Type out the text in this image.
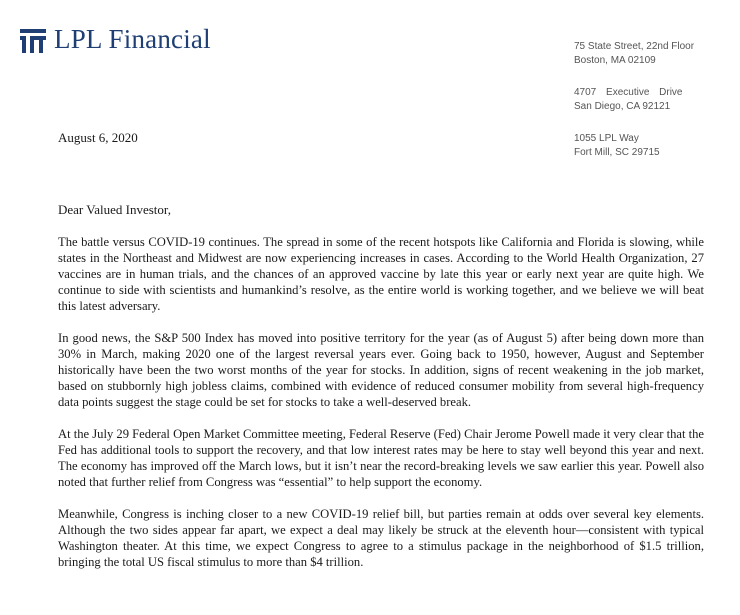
LPL Financial	75 State Street, 22nd Floor
Boston, MA 02109
4707 Executive Drive
San Diego, CA 92121
1055 LPL Way
Fort Mill, SC 29715
August 6, 2020
Dear Valued Investor,

The battle versus COVID-19 continues. The spread in some of the recent hotspots like California and Florida is slowing, while states in the Northeast and Midwest are now experiencing increases in cases. According to the World Health Organization, 27 vaccines are in human trials, and the chances of an approved vaccine by late this year or early next year are quite high. We continue to side with scientists and humankind’s resolve, as the entire world is working together, and we believe we will beat this latest adversary.

In good news, the S&P 500 Index has moved into positive territory for the year (as of August 5) after being down more than 30% in March, making 2020 one of the largest reversal years ever. Going back to 1950, however, August and September historically have been the two worst months of the year for stocks. In addition, signs of recent weakening in the job market, based on stubbornly high jobless claims, combined with evidence of reduced consumer mobility from several high-frequency data points suggest the stage could be set for stocks to take a well-deserved break.

At the July 29 Federal Open Market Committee meeting, Federal Reserve (Fed) Chair Jerome Powell made it very clear that the Fed has additional tools to support the recovery, and that low interest rates may be here to stay well beyond this year and next. The economy has improved off the March lows, but it isn’t near the record-breaking levels we saw earlier this year. Powell also noted that further relief from Congress was “essential” to help support the economy.

Meanwhile, Congress is inching closer to a new COVID-19 relief bill, but parties remain at odds over several key elements. Although the two sides appear far apart, we expect a deal may likely be struck at the eleventh hour—consistent with typical Washington theater. At this time, we expect Congress to agree to a stimulus package in the neighborhood of $1.5 trillion, bringing the total US fiscal stimulus to more than $4 trillion.
